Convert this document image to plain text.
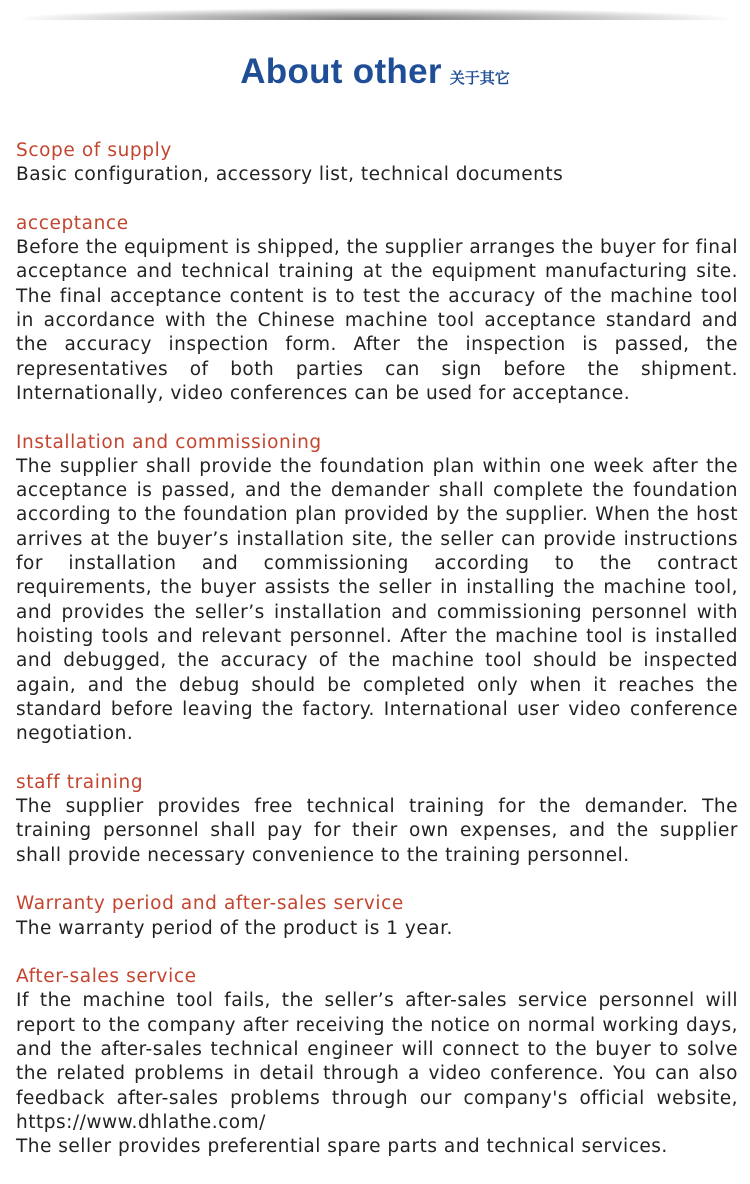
About other 关于其它
Scope of supply
Basic configuration, accessory list, technical documents
acceptance
Before the equipment is shipped, the supplier arranges the buyer for final acceptance and technical training at the equipment manufacturing site. The final acceptance content is to test the accuracy of the machine tool in accordance with the Chinese machine tool acceptance standard and the accuracy inspection form. After the inspection is passed, the representatives of both parties can sign before the shipment. Internationally, video conferences can be used for acceptance.
Installation and commissioning
The supplier shall provide the foundation plan within one week after the acceptance is passed, and the demander shall complete the foundation according to the foundation plan provided by the supplier. When the host arrives at the buyer’s installation site, the seller can provide instructions for installation and commissioning according to the contract requirements, the buyer assists the seller in installing the machine tool, and provides the seller’s installation and commissioning personnel with hoisting tools and relevant personnel. After the machine tool is installed and debugged, the accuracy of the machine tool should be inspected again, and the debug should be completed only when it reaches the standard before leaving the factory. International user video conference negotiation.
staff training
The supplier provides free technical training for the demander. The training personnel shall pay for their own expenses, and the supplier shall provide necessary convenience to the training personnel.
Warranty period and after-sales service
The warranty period of the product is 1 year.
After-sales service
If the machine tool fails, the seller’s after-sales service personnel will report to the company after receiving the notice on normal working days, and the after-sales technical engineer will connect to the buyer to solve the related problems in detail through a video conference. You can also feedback after-sales problems through our company's official website, https://www.dhlathe.com/
The seller provides preferential spare parts and technical services.
